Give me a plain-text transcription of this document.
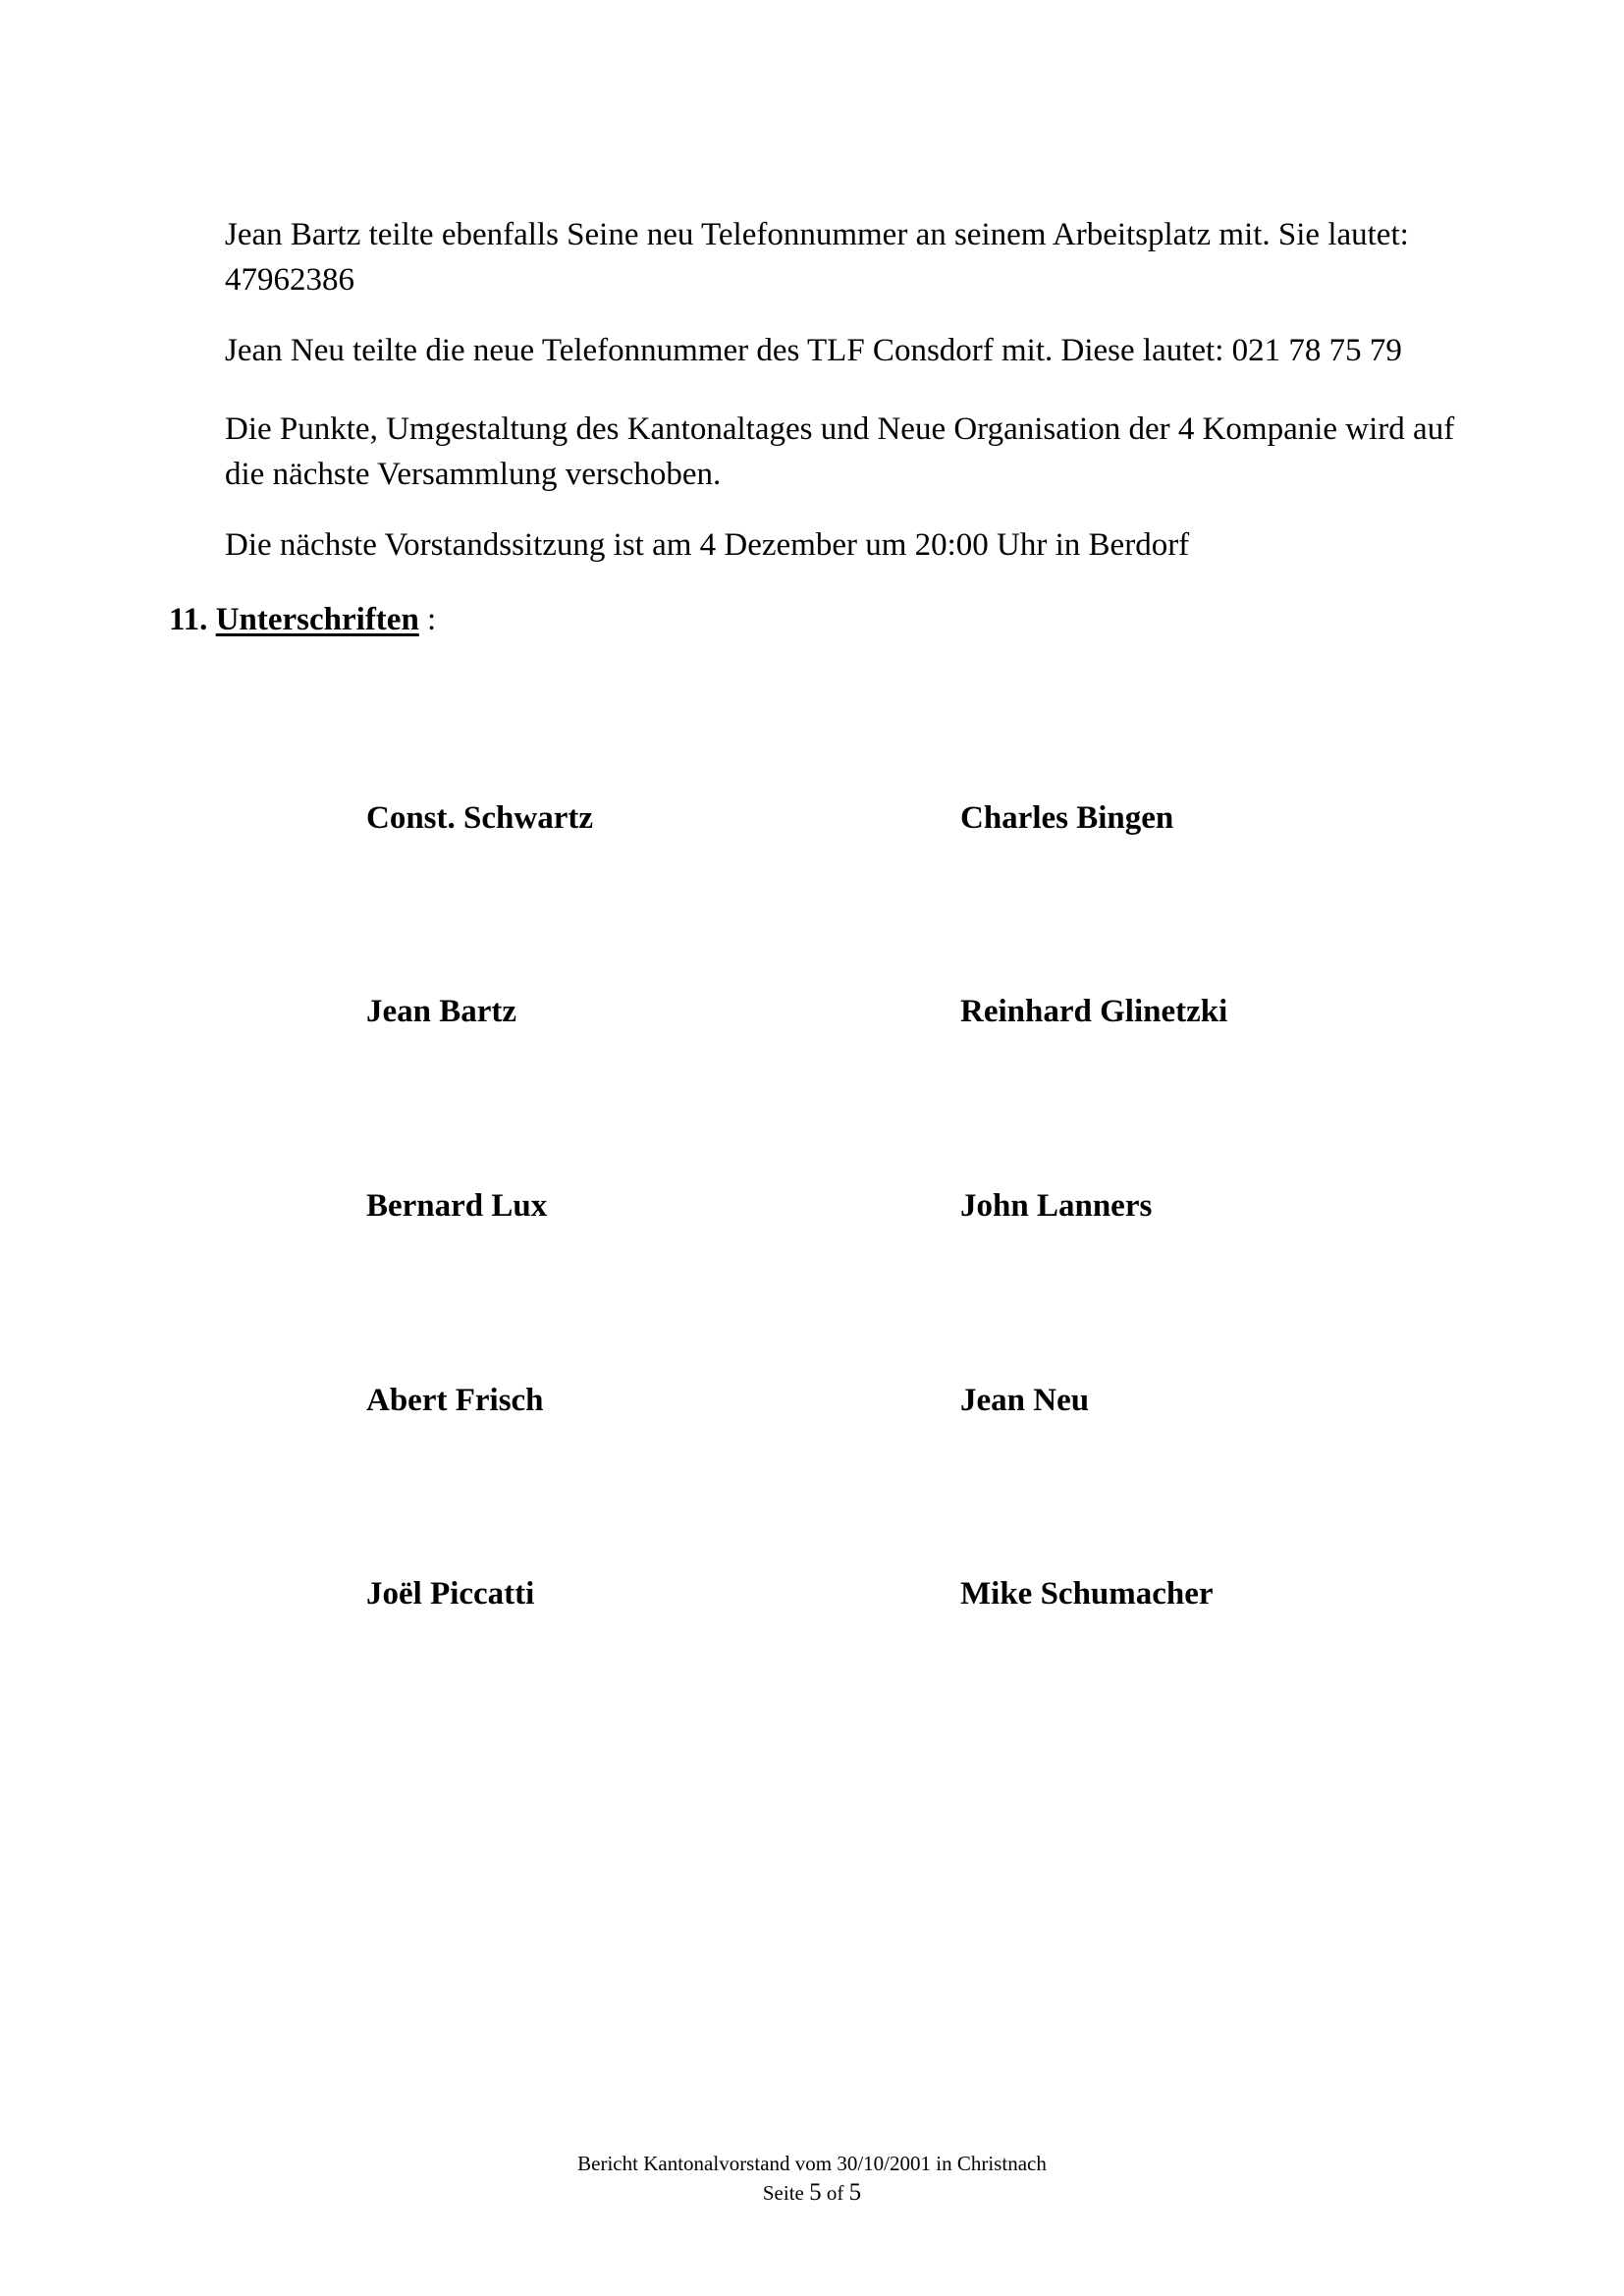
Jean Bartz teilte ebenfalls Seine neu Telefonnummer an seinem Arbeitsplatz mit. Sie lautet:
47962386

Jean Neu teilte die neue Telefonnummer des TLF Consdorf mit. Diese lautet: 021 78 75 79

Die Punkte, Umgestaltung des Kantonaltages und Neue Organisation der 4 Kompanie wird auf
die nächste Versammlung verschoben.

Die nächste Vorstandssitzung ist am 4 Dezember um 20:00 Uhr in Berdorf

11. Unterschriften :
Const. Schwartz
Jean Bartz
Bernard Lux
Abert Frisch
Joël Piccatti
Charles Bingen
Reinhard Glinetzki
John Lanners
Jean Neu
Mike Schumacher
Bericht Kantonalvorstand vom 30/10/2001 in Christnach
Seite 5 of 5
